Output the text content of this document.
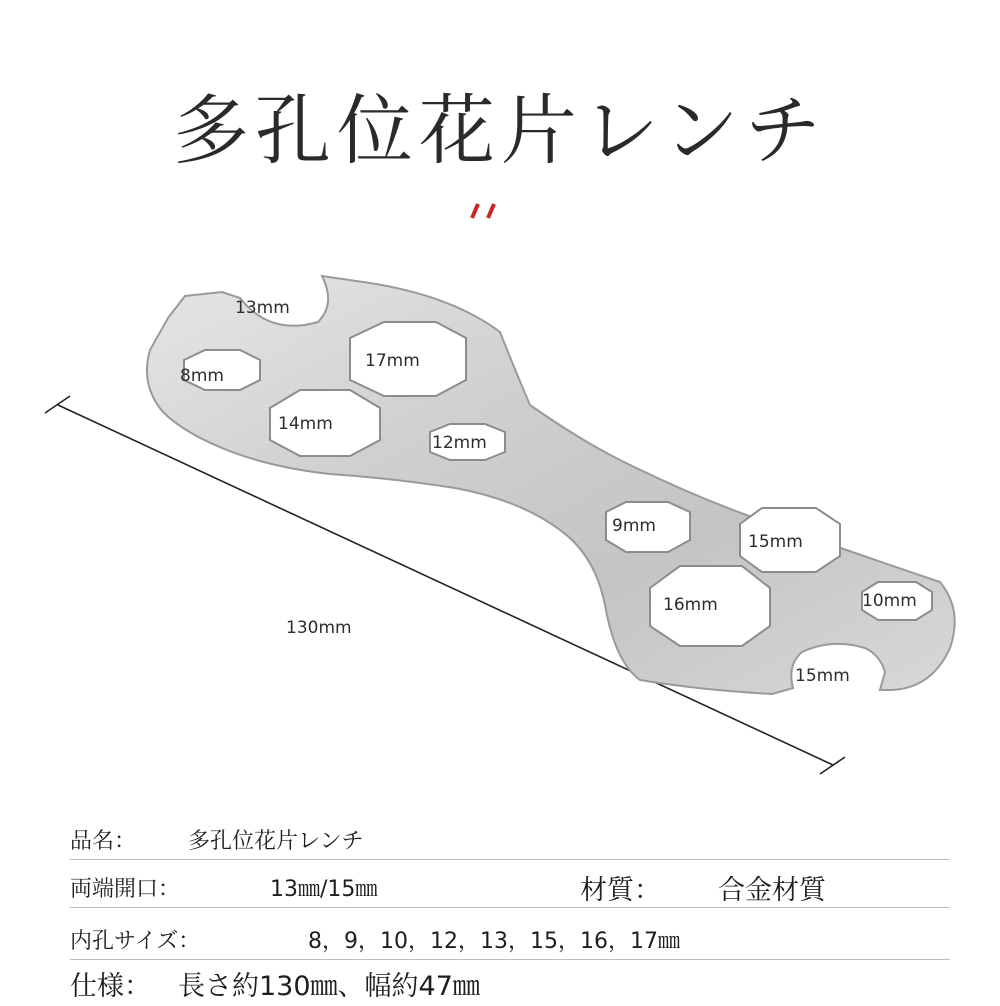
多孔位花片レンチ
13mm
8mm
17mm
14mm
12mm
9mm
15mm
16mm	10mm
15mm
130mm
品名： 多孔位花片レンチ
両端開口：	13㎜/15㎜	材質： 合金材質
内孔サイズ：	8，9，10，12，13，15，16，17㎜
仕様： 長さ約130㎜、幅約47㎜
